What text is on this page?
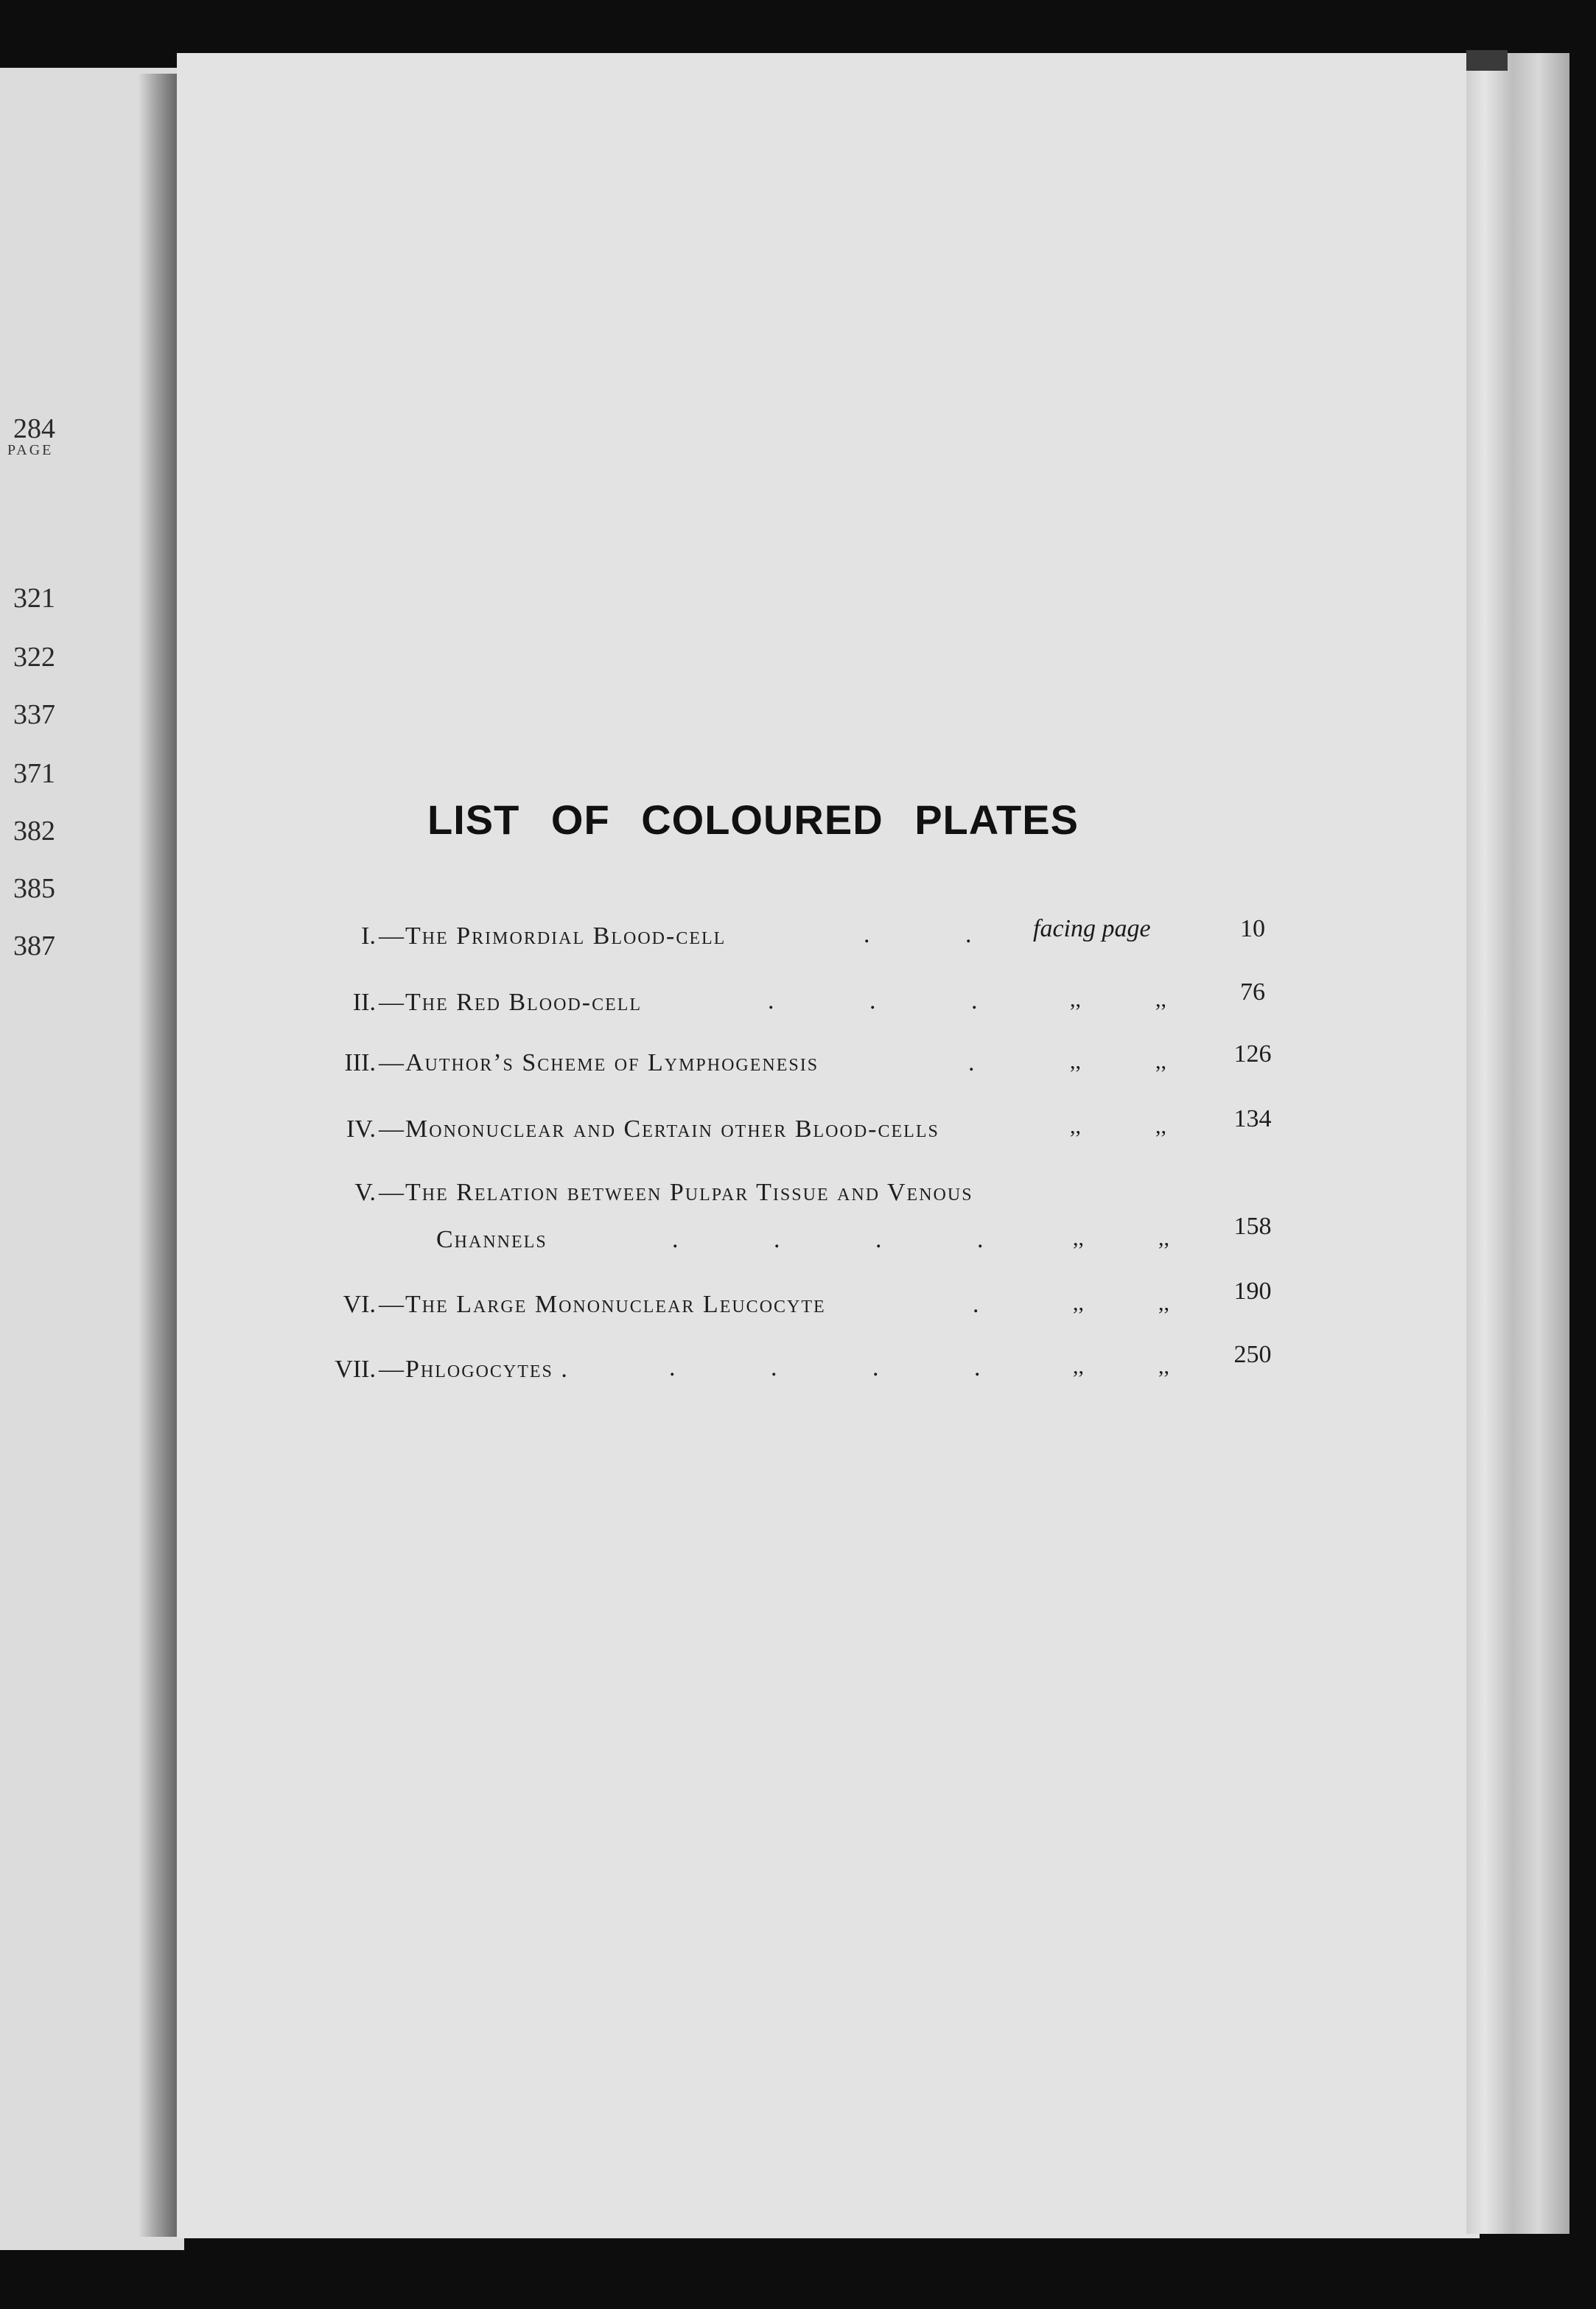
PAGE
284
321
322
337
371
382
385
387
LIST OF COLOURED PLATES
I. —The Primordial Blood-cell	.	. facing page	10
II. —The Red Blood-cell	.	.	.	,,	,,	76
III. —Author’s Scheme of Lymphogenesis	.	,,	,,	126
IV. —Mononuclear and Certain other Blood-cells	,,	,,	134
V. —The Relation between Pulpar Tissue and Venous
Channels	.	.	.	.	,,	,,	158
VI. —The Large Mononuclear Leucocyte	.	,,	,,	190
VII. —Phlogocytes .	.	.	.	.	,,	,,	250
